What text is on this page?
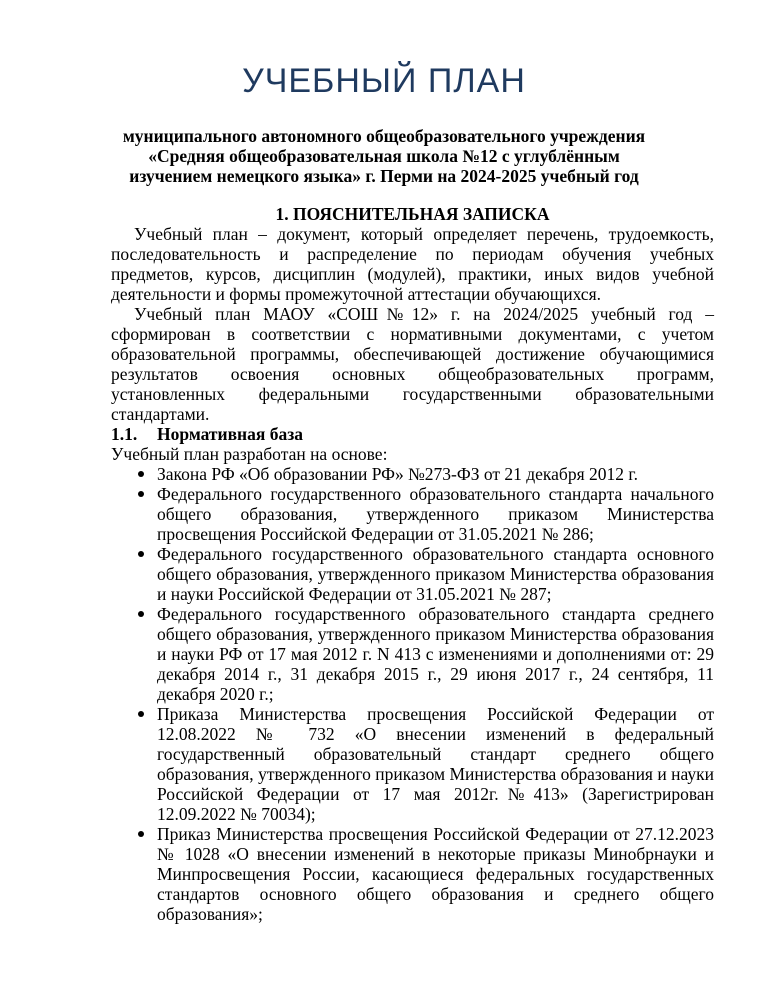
УЧЕБНЫЙ ПЛАН
муниципального автономного общеобразовательного учреждения
«Средняя общеобразовательная школа №12 с углублённым
изучением немецкого языка» г. Перми на 2024-2025 учебный год

1. ПОЯСНИТЕЛЬНАЯ ЗАПИСКА

Учебный план – документ, который определяет перечень, трудоемкость, последовательность и распределение по периодам обучения учебных предметов, курсов, дисциплин (модулей), практики, иных видов учебной деятельности и формы промежуточной аттестации обучающихся.

Учебный план МАОУ «СОШ№12» г. на 2024/2025 учебный год – сформирован в соответствии с нормативными документами, с учетом образовательной программы, обеспечивающей достижение обучающимися результатов освоения основных общеобразовательных программ, установленных федеральными государственными образовательными стандартами.

1.1. Нормативная база

Учебный план разработан на основе:

Закона РФ «Об образовании РФ» №273-ФЗ от 21 декабря 2012 г.
Федерального государственного образовательного стандарта начального общего образования, утвержденного приказом Министерства просвещения Российской Федерации от 31.05.2021 № 286;
Федерального государственного образовательного стандарта основного общего образования, утвержденного приказом Министерства образования и науки Российской Федерации от 31.05.2021 № 287;
Федерального государственного образовательного стандарта среднего общего образования, утвержденного приказом Министерства образования и науки РФ от 17 мая 2012 г. N 413 с изменениями и дополнениями от: 29 декабря 2014 г., 31 декабря 2015 г., 29 июня 2017 г., 24 сентября, 11 декабря 2020 г.;
Приказа Министерства просвещения Российской Федерации от 12.08.2022 № 732 «О внесении изменений в федеральный государственный образовательный стандарт среднего общего образования, утвержденного приказом Министерства образования и науки Российской Федерации от 17 мая 2012г.№413» (Зарегистрирован 12.09.2022 № 70034);
Приказ Министерства просвещения Российской Федерации от 27.12.2023 № 1028 «О внесении изменений в некоторые приказы Минобрнауки и Минпросвещения России, касающиеся федеральных государственных стандартов основного общего образования и среднего общего образования»;
